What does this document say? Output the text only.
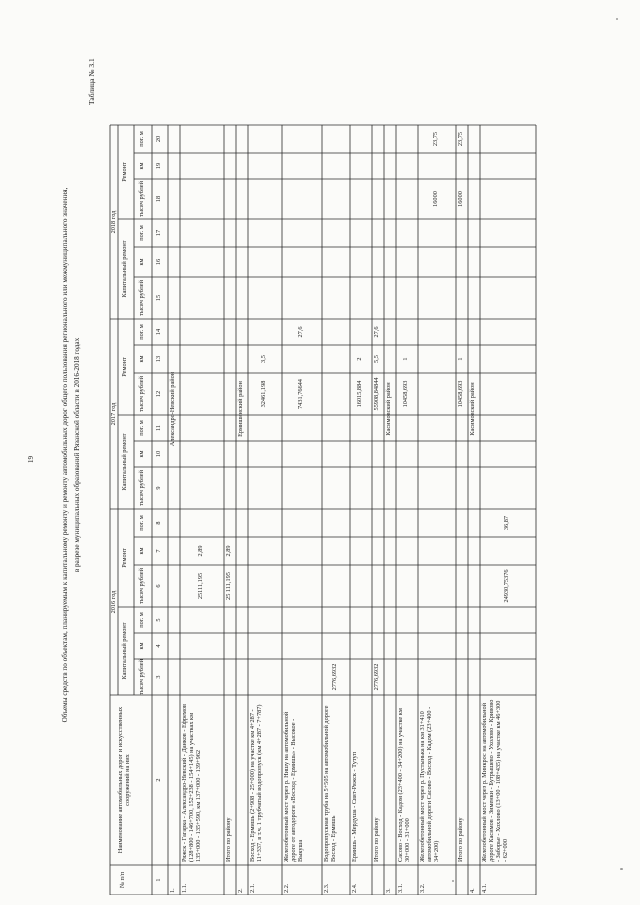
19
Таблица № 3.1
Объемы средств по объектам, планируемым к капитальному ремонту и ремонту автомобильных дорог общего пользования регионального или межмуниципального значения, в разрезе муниципальных образований Рязанской области в 2016-2018 годах
№ п/п
Наименование автомобильных дорог и искусственных сооружений на них
2016 год
2017 год
2018 год
Капитальный ремонт
Капитальный ремонт
Капитальный ремонт
Ремонт
Ремонт
Ремонт
тысяч рублей
км
пог. м
тысяч рублей
км
пог. м
тысяч рублей
км
пог. м
тысяч рублей
км
пог. м
тысяч рублей
км
пог. м
тысяч рублей
км
пог. м
1
2
3
4
5
6
7
8
9
10
11
12
13
14
15
16
17
18
19
20
1.
Александро-Невский район
1.1.
Ряжск - Гагарка - Александро-Невский - Данков - Ефремов (128+800 - 146+700, 152+238 - 154+145) на участках км 135+000 - 135+590, км 137+000 - 139+962
25111,195
2,89
Итого по району
25 111,195
2,89
2.
Ермишинский район
2.1.
Восход - Ермишь (2+908 - 25+000) на участке км 4+287 - 11+337, в т.ч. 1 трубчатый водопропуск (км 4+287 - 7+787)
32461,198
3,5
2.2.
Железобетонный мост через р. Нишу на автомобильной дороге от автодороги «Восход - Ермишь» - Высокое - Выкуша
7431,76644
27,6
2.3.
Водопропускная труба на 5+505 на автомобильной дороге Восход - Ермишь
2776,6932
2.4.
Ермишь - Мердуша - Свят-Ряжск - Тутуп
16015,884
2
Итого по району
2776,6932
55908,84844
5,5
27,6
3.
Касимовский район
3.1.
Сасово - Восход - Кадом (23+400 - 34+200) на участке км 30+000 - 31+000
10458,693
1
3.2.
Железобетонный мост через р. Пустынька на км 31+410 автомобильной дороги Сасово - Восход - Кадом (23+400 - 34+200)
16000
23,75
Итого по району
10458,693
1
16000
23,75
4.
Касимовский район
4.1.
Железобетонный мост через р. Минкрос на автомобильной дороге Касимов - Зименки - Бутрышево - Ухолово - Кривово - Заборье - Хохлово (13+00 - 108+435) на участке км 46+300 - 62+000
24930,75376
36,87
